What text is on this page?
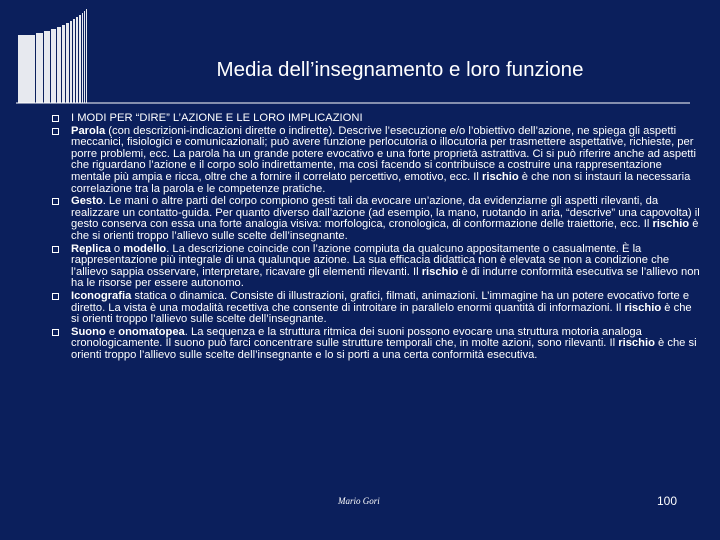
Media dell’insegnamento e loro funzione
I MODI PER “DIRE” L’AZIONE E LE LORO IMPLICAZIONI
Parola (con descrizioni-indicazioni dirette o indirette). Descrive l’esecuzione e/o l’obiettivo dell’azione, ne spiega gli aspetti meccanici, fisiologici e comunicazionali; può avere funzione perlocutoria o illocutoria per trasmettere aspettative, richieste, per porre problemi, ecc. La parola ha un grande potere evocativo e una forte proprietà astrattiva. Ci si può riferire anche ad aspetti che riguardano l’azione e il corpo solo indirettamente, ma così facendo si contribuisce a costruire una rappresentazione mentale più ampia e ricca, oltre che a fornire il correlato percettivo, emotivo, ecc. Il rischio è che non si instauri la necessaria correlazione tra la parola e le competenze pratiche.
Gesto. Le mani o altre parti del corpo compiono gesti tali da evocare un’azione, da evidenziarne gli aspetti rilevanti, da realizzare un contatto-guida. Per quanto diverso dall’azione (ad esempio, la mano, ruotando in aria, “descrive” una capovolta) il gesto conserva con essa una forte analogia visiva: morfologica, cronologica, di conformazione delle traiettorie, ecc. Il rischio è che si orienti troppo l’allievo sulle scelte dell’insegnante.
Replica o modello. La descrizione coincide con l’azione compiuta da qualcuno appositamente o casualmente. È la rappresentazione più integrale di una qualunque azione. La sua efficacia didattica non è elevata se non a condizione che l’allievo sappia osservare, interpretare, ricavare gli elementi rilevanti. Il rischio è di indurre conformità esecutiva se l’allievo non ha le risorse per essere autonomo.
Iconografia statica o dinamica. Consiste di illustrazioni, grafici, filmati, animazioni. L’immagine ha un potere evocativo forte e diretto. La vista è una modalità recettiva che consente di introitare in parallelo enormi quantità di informazioni. Il rischio è che si orienti troppo l’allievo sulle scelte dell’insegnante.
Suono e onomatopea. La sequenza e la struttura ritmica dei suoni possono evocare una struttura motoria analoga cronologicamente. Il suono può farci concentrare sulle strutture temporali che, in molte azioni, sono rilevanti. Il rischio è che si orienti troppo l’allievo sulle scelte dell’insegnante e lo si porti a una certa conformità esecutiva.
Mario Gori	100
